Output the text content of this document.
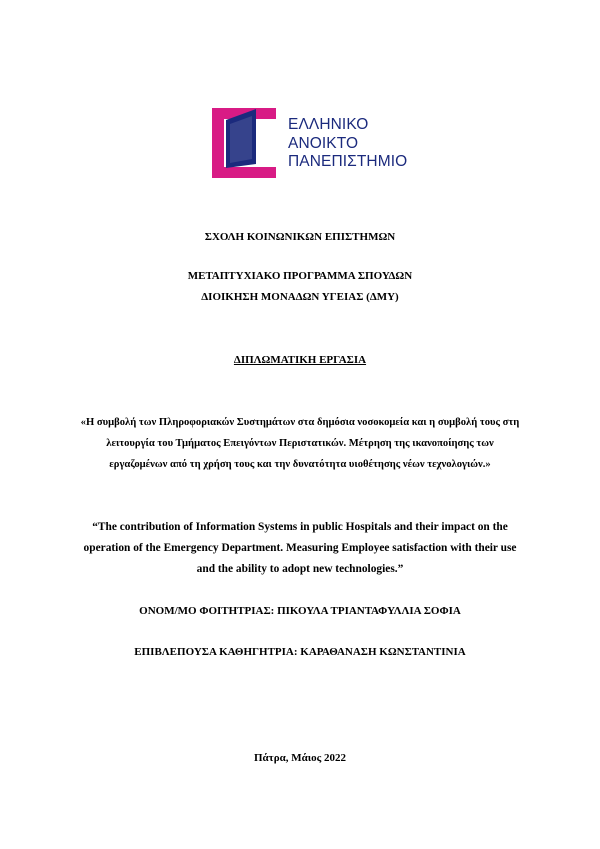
ΕΛΛΗΝΙΚΟ
ΑΝΟΙΚΤΟ
ΠΑΝΕΠΙΣΤΗΜΙΟ
ΣΧΟΛΗ ΚΟΙΝΩΝΙΚΩΝ ΕΠΙΣΤΗΜΩΝ
ΜΕΤΑΠΤΥΧΙΑΚΟ ΠΡΟΓΡΑΜΜΑ ΣΠΟΥΔΩΝ
ΔΙΟΙΚΗΣΗ ΜΟΝΑΔΩΝ ΥΓΕΙΑΣ (ΔΜΥ)
ΔΙΠΛΩΜΑΤΙΚΗ ΕΡΓΑΣΙΑ
«Η συμβολή των Πληροφοριακών Συστημάτων στα δημόσια νοσοκομεία και η συμβολή τους στη λειτουργία του Τμήματος Επειγόντων Περιστατικών. Μέτρηση της ικανοποίησης των εργαζομένων από τη χρήση τους και την δυνατότητα υιοθέτησης νέων τεχνολογιών.»
“The contribution of Information Systems in public Hospitals and their impact on the operation of the Emergency Department. Measuring Employee satisfaction with their use and the ability to adopt new technologies.”
ΟΝΟΜ/ΜΟ ΦΟΙΤΗΤΡΙΑΣ: ΠΙΚΟΥΛΑ ΤΡΙΑΝΤΑΦΥΛΛΙΑ ΣΟΦΙΑ
ΕΠΙΒΛΕΠΟΥΣΑ ΚΑΘΗΓΗΤΡΙΑ: ΚΑΡΑΘΑΝΑΣΗ ΚΩΝΣΤΑΝΤΙΝΙΑ
Πάτρα, Μάιος 2022
